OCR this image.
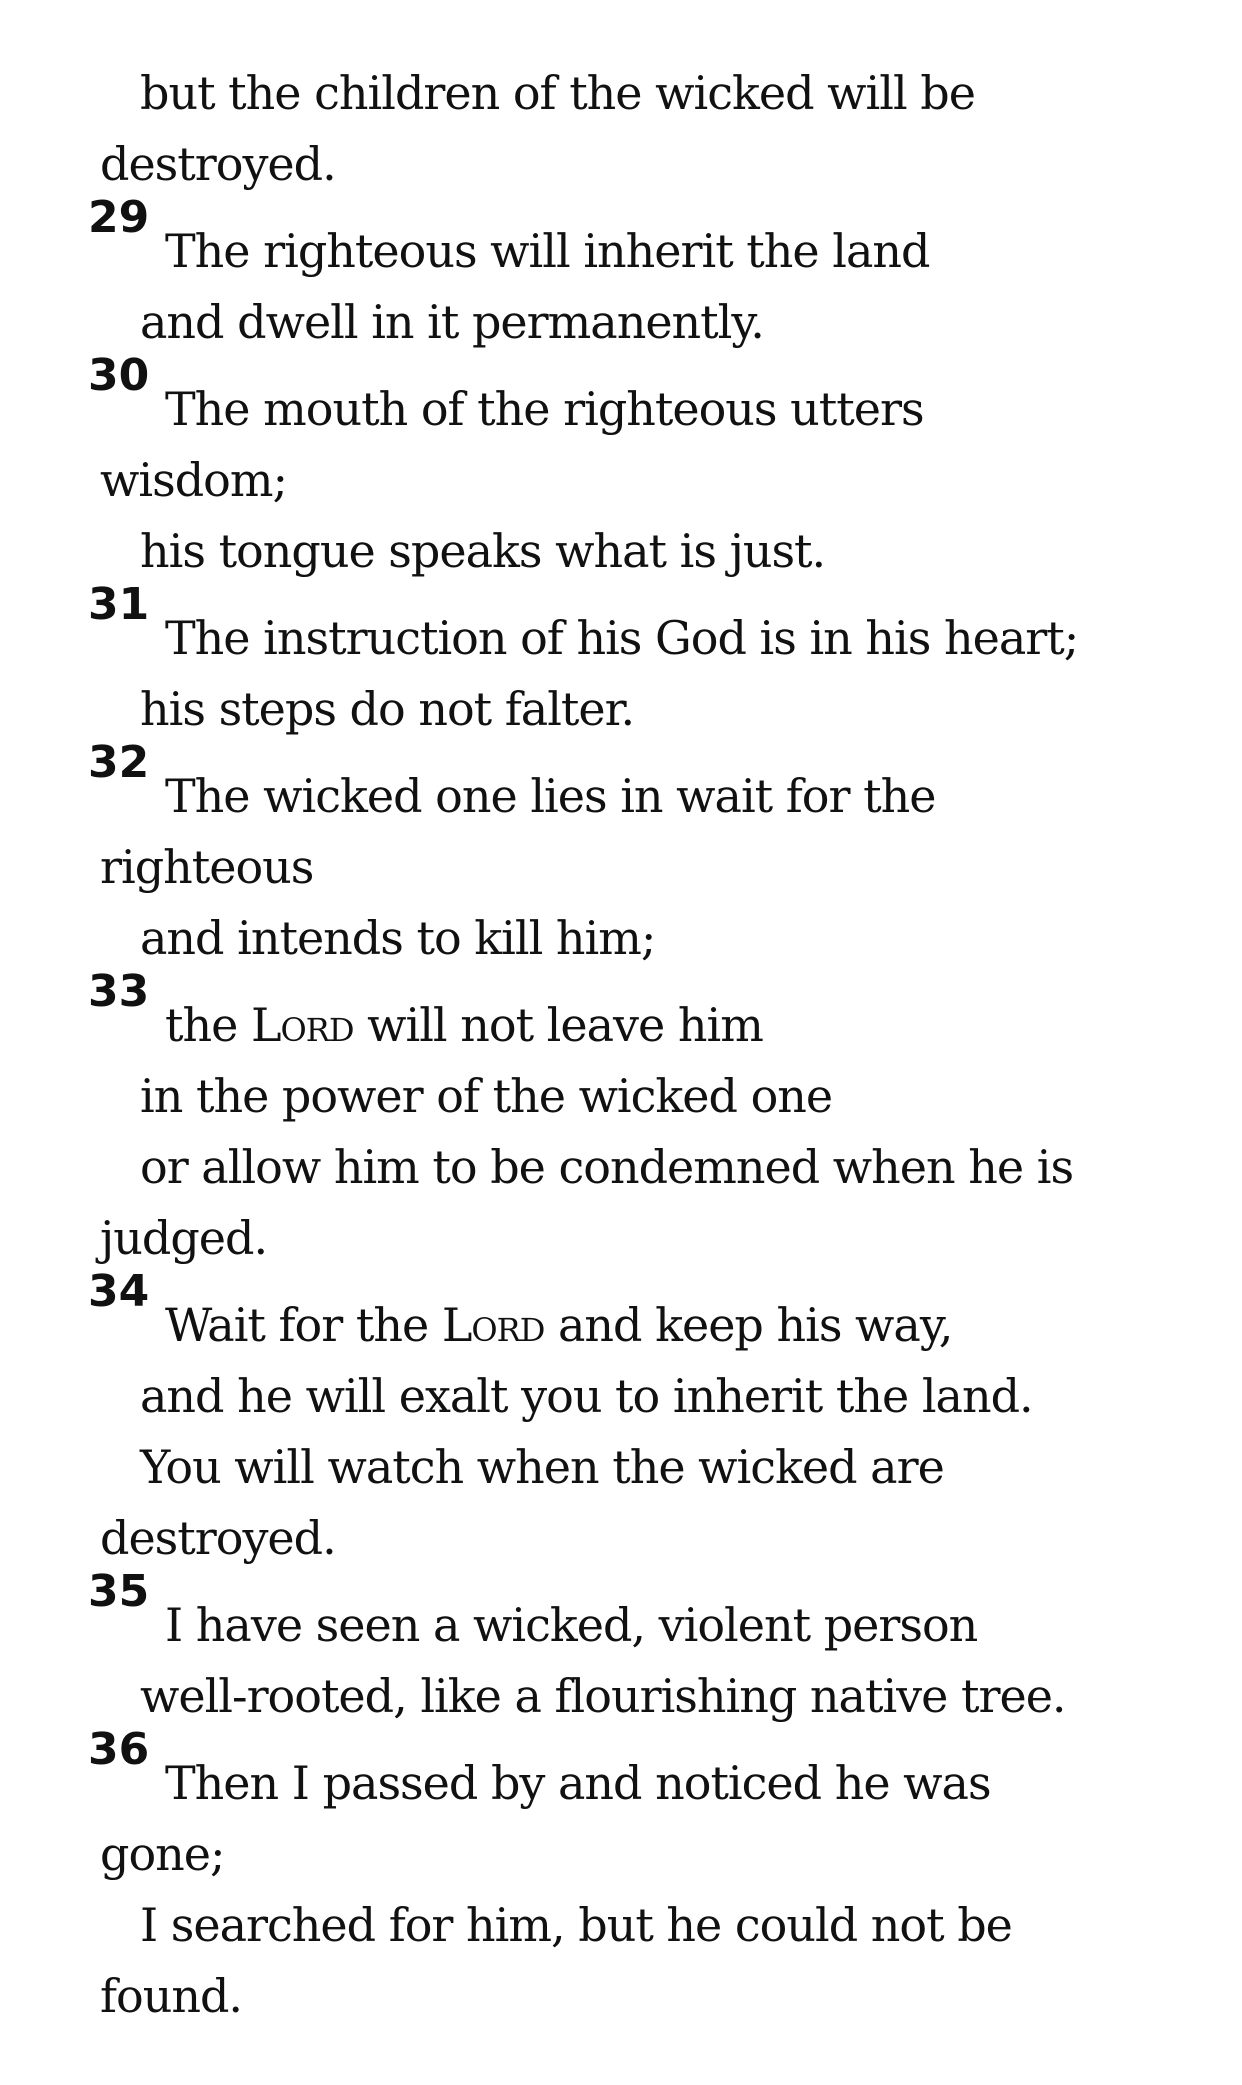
but the children of the wicked will be
destroyed.
29
The righteous will inherit the land
and dwell in it permanently.
30
The mouth of the righteous utters
wisdom;
his tongue speaks what is just.
31
The instruction of his God is in his heart;
his steps do not falter.
32
The wicked one lies in wait for the
righteous
and intends to kill him;
33
the Lord will not leave him
in the power of the wicked one
or allow him to be condemned when he is
judged.
34
Wait for the Lord and keep his way,
and he will exalt you to inherit the land.
You will watch when the wicked are
destroyed.
35
I have seen a wicked, violent person
well-rooted, like a flourishing native tree.
36
Then I passed by and noticed he was
gone;
I searched for him, but he could not be
found.
